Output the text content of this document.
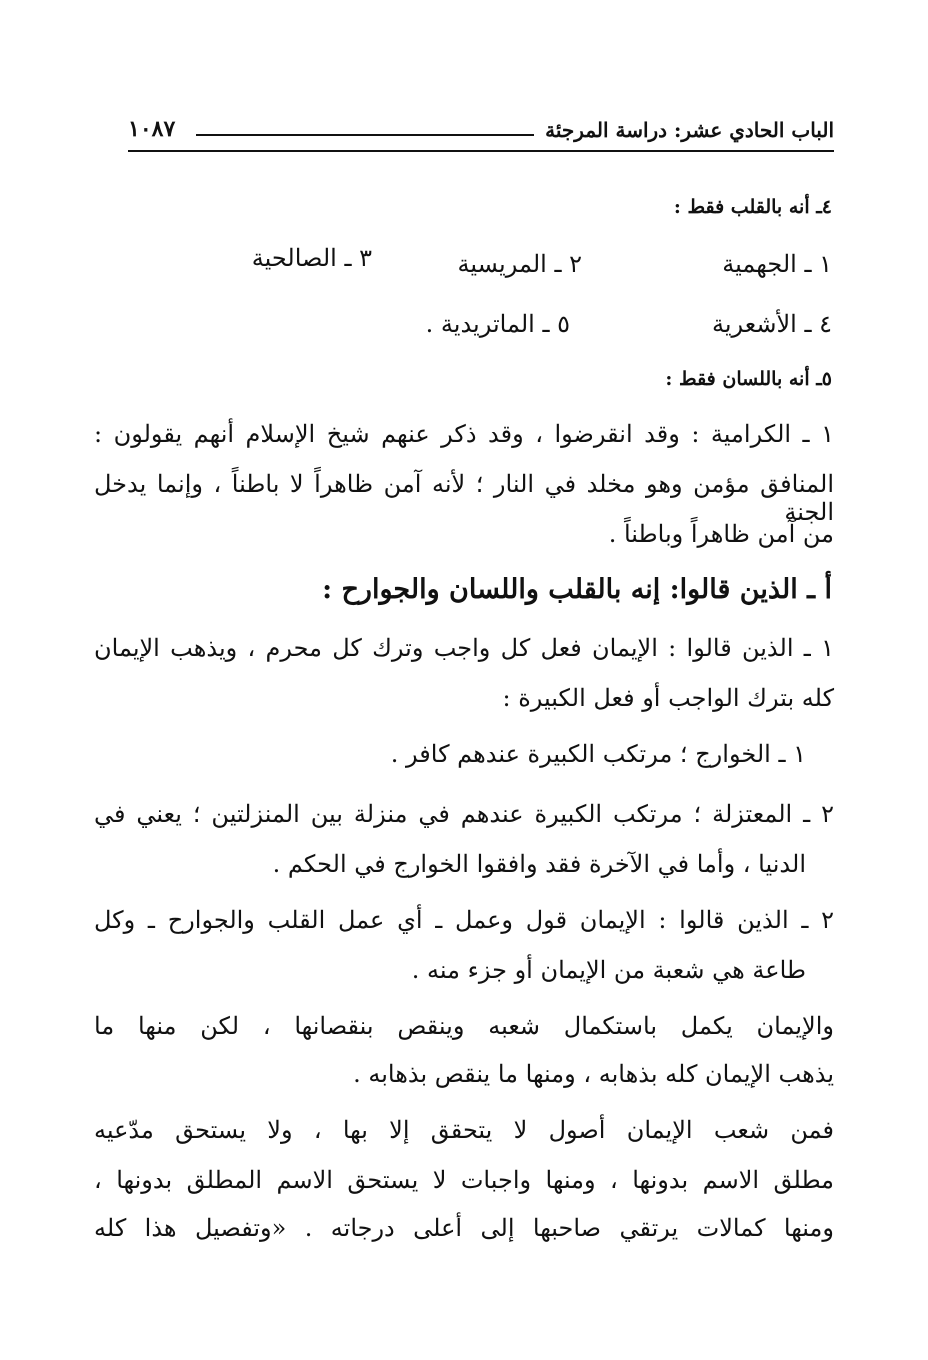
الباب الحادي عشر: دراسة المرجئة
١٠٨٧
٤ـ أنه بالقلب فقط :
١ ـ الجهمية
٢ ـ المريسية
٣ ـ الصالحية
٤ ـ الأشعرية
٥ ـ الماتريدية .
٥ـ أنه باللسان فقط :
١ ـ الكرامية : وقد انقرضوا ، وقد ذكر عنهم شيخ الإسلام أنهم يقولون :
المنافق مؤمن وهو مخلد في النار ؛ لأنه آمن ظاهراً لا باطناً ، وإنما يدخل الجنة
من آمن ظاهراً وباطناً .
أ ـ الذين قالوا: إنه بالقلب واللسان والجوارح :
١ ـ الذين قالوا : الإيمان فعل كل واجب وترك كل محرم ، ويذهب الإيمان
كله بترك الواجب أو فعل الكبيرة :
١ ـ الخوارج ؛ مرتكب الكبيرة عندهم كافر .
٢ ـ المعتزلة ؛ مرتكب الكبيرة عندهم في منزلة بين المنزلتين ؛ يعني في
الدنيا ، وأما في الآخرة فقد وافقوا الخوارج في الحكم .
٢ ـ الذين قالوا : الإيمان قول وعمل ـ أي عمل القلب والجوارح ـ وكل
طاعة هي شعبة من الإيمان أو جزء منه .
والإيمان يكمل باستكمال شعبه وينقص بنقصانها ، لكن منها ما
يذهب الإيمان كله بذهابه ، ومنها ما ينقص بذهابه .
فمن شعب الإيمان أصول لا يتحقق إلا بها ، ولا يستحق مدّعيه
مطلق الاسم بدونها ، ومنها واجبات لا يستحق الاسم المطلق بدونها ،
ومنها كمالات يرتقي صاحبها إلى أعلى درجاته . «وتفصيل هذا كله
